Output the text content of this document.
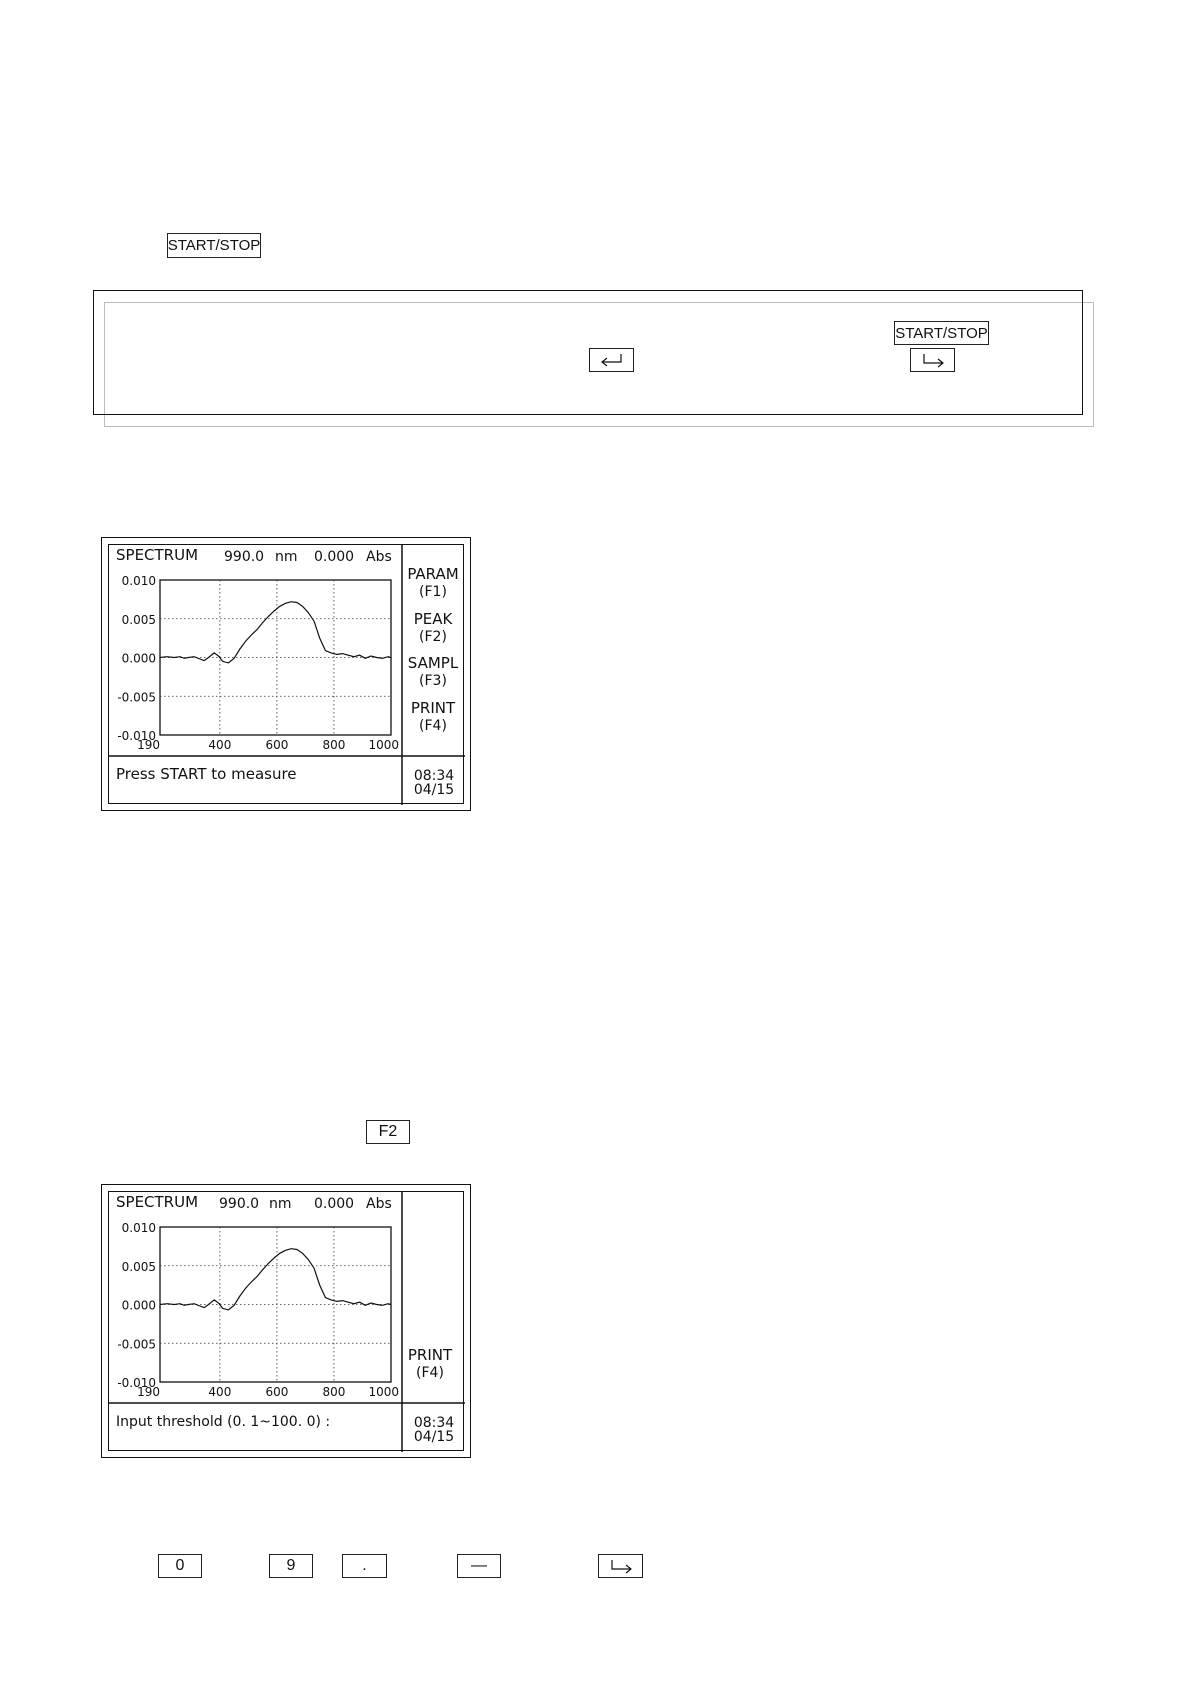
START/STOP
START/STOP
SPECTRUM 990.0 nm 0.000 Abs
PARAM
(F1)
PEAK
(F2)
SAMPL
(F3)
PRINT
(F4)
Press START to measure	08:34
04/15
0.010
0.005
0.000
-0.005
-0.010
190	400	600	800 1000
F2
SPECTRUM 990.0 nm 0.000 Abs
PRINT
(F4)
Input threshold (0. 1~100. 0) :	08:34
04/15
0.010
0.005
0.000
-0.005
-0.010
190	400	600	800 1000
0	9	.	—
